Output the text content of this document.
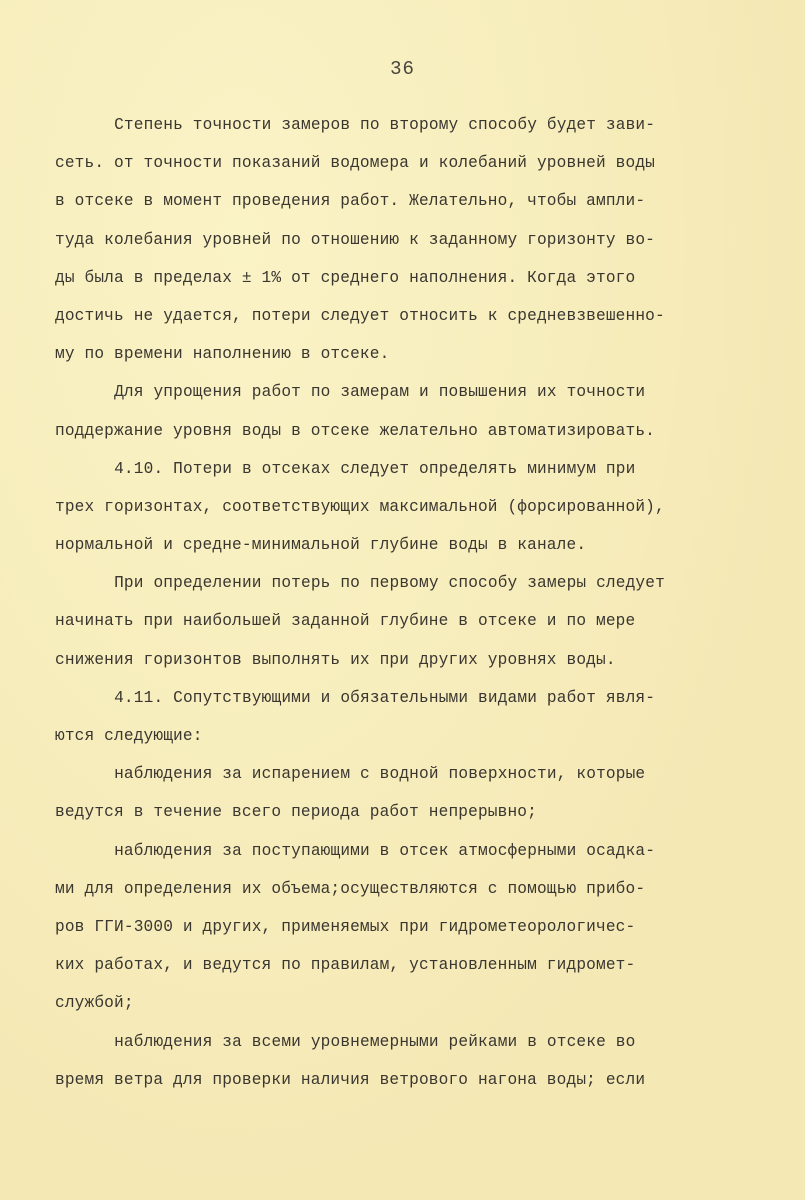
36
Степень точности замеров по второму способу будет зави-
сеть. от точности показаний водомера и колебаний уровней воды
в отсеке в момент проведения работ. Желательно, чтобы ампли-
туда колебания уровней по отношению к заданному горизонту во-
ды была в пределах ± 1% от среднего наполнения. Когда этого
достичь не удается, потери следует относить к средневзвешенно-
му по времени наполнению в отсеке.
Для упрощения работ по замерам и повышения их точности
поддержание уровня воды в отсеке желательно автоматизировать.
4.10. Потери в отсеках следует определять минимум при
трех горизонтах, соответствующих максимальной (форсированной),
нормальной и средне-минимальной глубине воды в канале.
При определении потерь по первому способу замеры следует
начинать при наибольшей заданной глубине в отсеке и по мере
снижения горизонтов выполнять их при других уровнях воды.
4.11. Сопутствующими и обязательными видами работ явля-
ются следующие:
наблюдения за испарением с водной поверхности, которые
ведутся в течение всего периода работ непрерывно;
наблюдения за поступающими в отсек атмосферными осадка-
ми для определения их объема;осуществляются с помощью прибо-
ров ГГИ-3000 и других, применяемых при гидрометеорологичес-
ких работах, и ведутся по правилам, установленным гидромет-
службой;
наблюдения за всеми уровнемерными рейками в отсеке во
время ветра для проверки наличия ветрового нагона воды; если
